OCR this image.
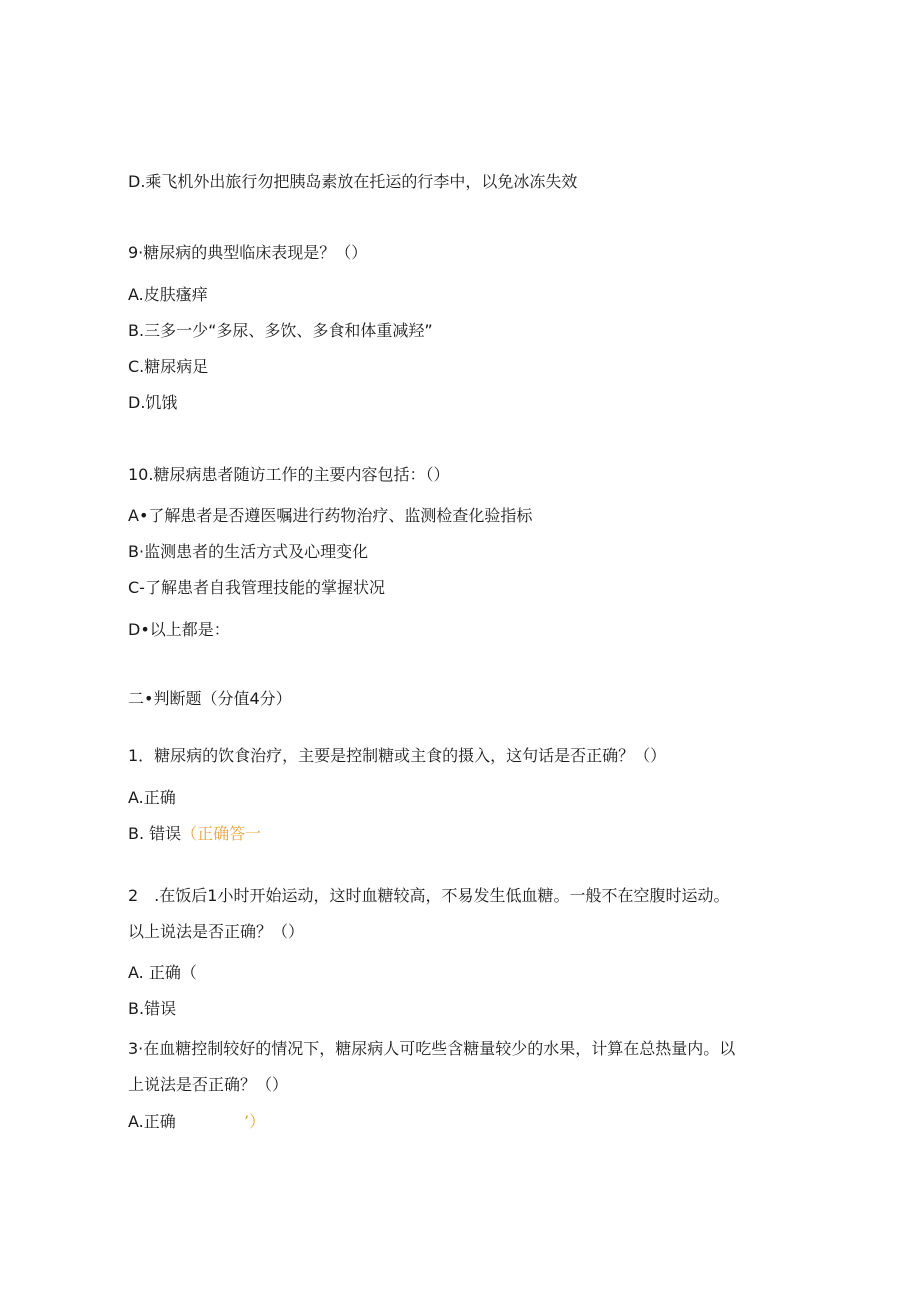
D.乘飞机外出旅行勿把胰岛素放在托运的行李中，以免冰冻失效

9·糖尿病的典型临床表现是？（）

A.皮肤瘙痒

B.三多一少“多尿、多饮、多食和体重减羟”

C.糖尿病足

D.饥饿

10.糖尿病患者随访工作的主要内容包括：（）

A•了解患者是否遵医嘱进行药物治疗、监测检查化验指标

B·监测患者的生活方式及心理变化

C-了解患者自我管理技能的掌握状况

D•以上都是：

二•判断题（分值4分）

1．糖尿病的饮食治疗，主要是控制糖或主食的摄入，这句话是否正确？（）

A.正确

B. 错误（正确答一

2　.在饭后1小时开始运动，这时血糖较高，不易发生低血糖。一般不在空腹时运动。

以上说法是否正确？（）

A. 正确（

B.错误

3·在血糖控制较好的情况下，糖尿病人可吃些含糖量较少的水果，计算在总热量内。以

上说法是否正确？（）

A.正确	’）
